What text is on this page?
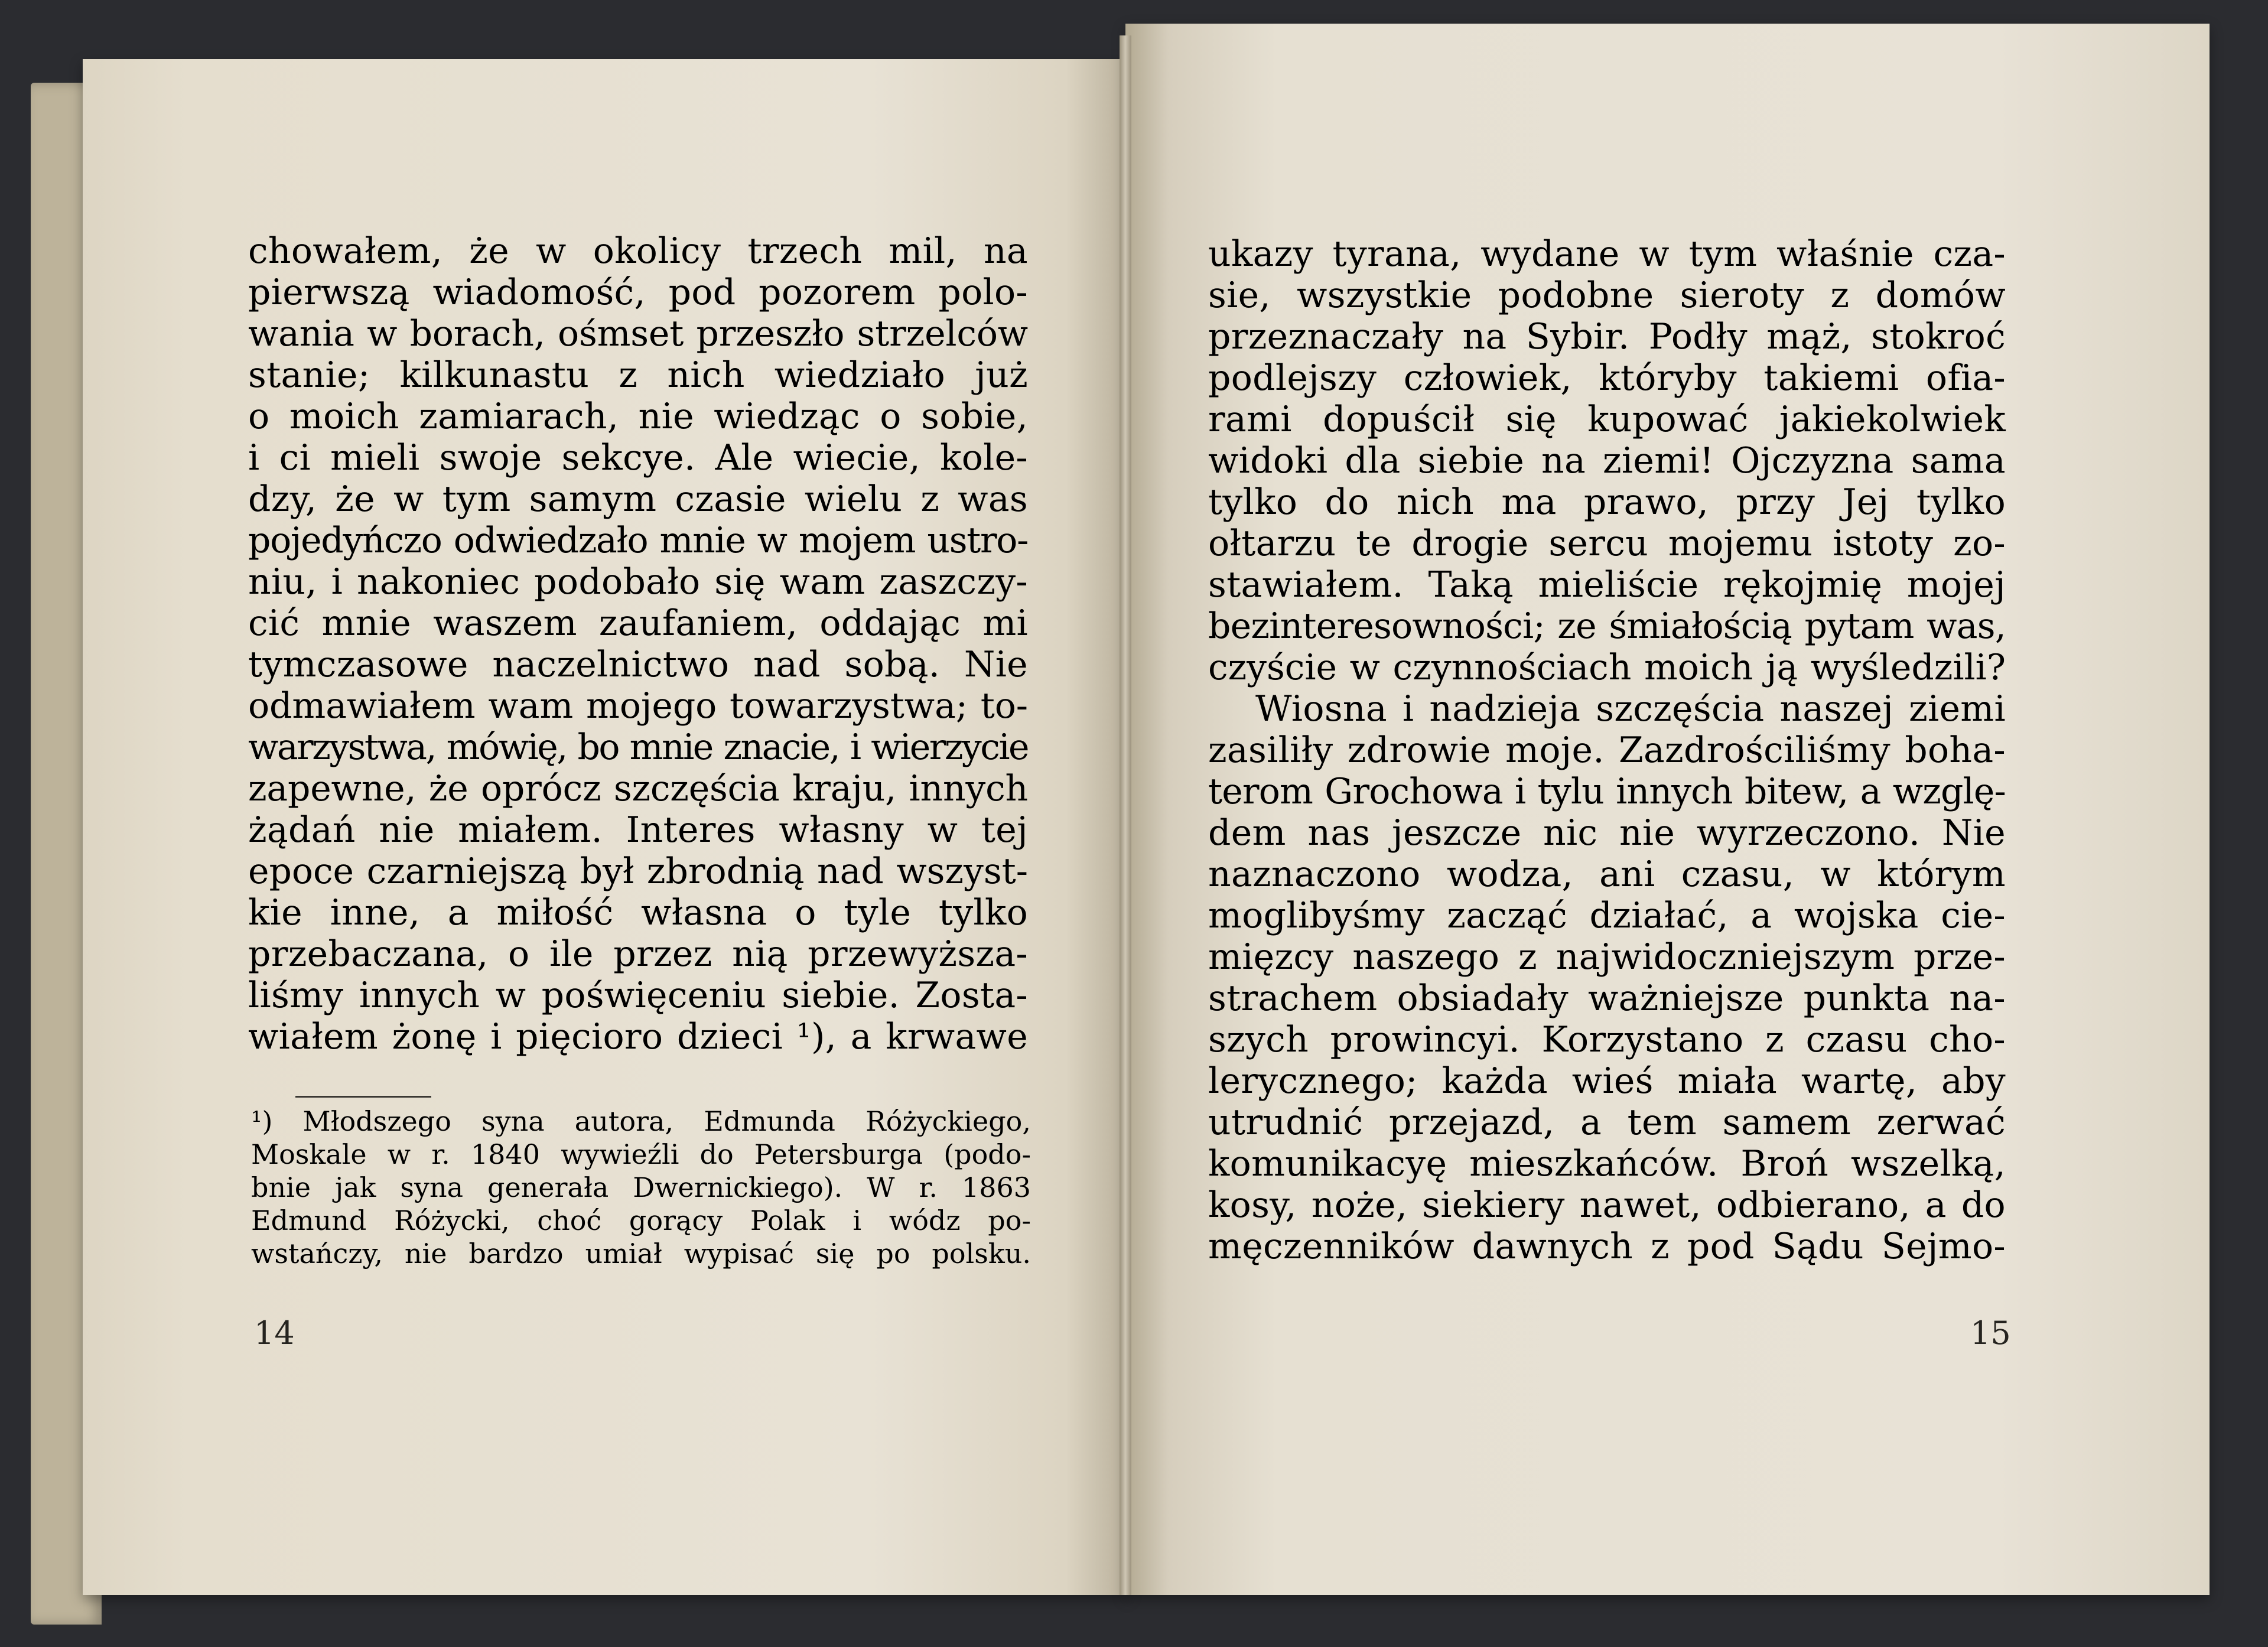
chowałem, że w okolicy trzech mil, na
pierwszą wiadomość, pod pozorem polo-
wania w borach, ośmset przeszło strzelców
stanie; kilkunastu z nich wiedziało już
o moich zamiarach, nie wiedząc o sobie,
i ci mieli swoje sekcye. Ale wiecie, kole-
dzy, że w tym samym czasie wielu z was
pojedyńczo odwiedzało mnie w mojem ustro-
niu, i nakoniec podobało się wam zaszczy-
cić mnie waszem zaufaniem, oddając mi
tymczasowe naczelnictwo nad sobą. Nie
odmawiałem wam mojego towarzystwa; to-
warzystwa, mówię, bo mnie znacie, i wierzycie
zapewne, że oprócz szczęścia kraju, innych
żądań nie miałem. Interes własny w tej
epoce czarniejszą był zbrodnią nad wszyst-
kie inne, a miłość własna o tyle tylko
przebaczana, o ile przez nią przewyższa-
liśmy innych w poświęceniu siebie. Zosta-
wiałem żonę i pięcioro dzieci ¹), a krwawe
¹) Młodszego syna autora, Edmunda Różyckiego,
Moskale w r. 1840 wywieźli do Petersburga (podo-
bnie jak syna generała Dwernickiego). W r. 1863
Edmund Różycki, choć gorący Polak i wódz po-
wstańczy, nie bardzo umiał wypisać się po polsku.
14
ukazy tyrana, wydane w tym właśnie cza-
sie, wszystkie podobne sieroty z domów
przeznaczały na Sybir. Podły mąż, stokroć
podlejszy człowiek, któryby takiemi ofia-
rami dopuścił się kupować jakiekolwiek
widoki dla siebie na ziemi! Ojczyzna sama
tylko do nich ma prawo, przy Jej tylko
ołtarzu te drogie sercu mojemu istoty zo-
stawiałem. Taką mieliście rękojmię mojej
bezinteresowności; ze śmiałością pytam was,
czyście w czynnościach moich ją wyśledzili?
Wiosna i nadzieja szczęścia naszej ziemi
zasiliły zdrowie moje. Zazdrościliśmy boha-
terom Grochowa i tylu innych bitew, a wzglę-
dem nas jeszcze nic nie wyrzeczono. Nie
naznaczono wodza, ani czasu, w którym
moglibyśmy zacząć działać, a wojska cie-
mięzcy naszego z najwidoczniejszym prze-
strachem obsiadały ważniejsze punkta na-
szych prowincyi. Korzystano z czasu cho-
lerycznego; każda wieś miała wartę, aby
utrudnić przejazd, a tem samem zerwać
komunikacyę mieszkańców. Broń wszelką,
kosy, noże, siekiery nawet, odbierano, a do
męczenników dawnych z pod Sądu Sejmo-
15
